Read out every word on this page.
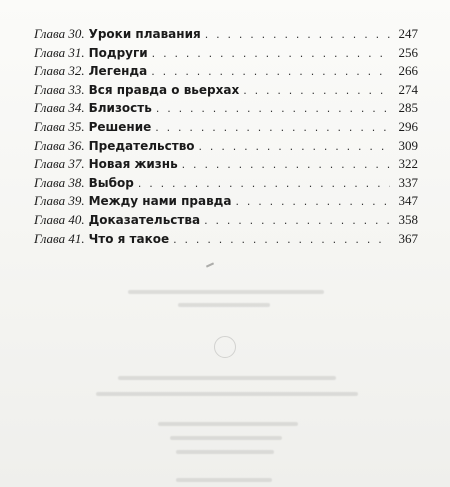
Глава 30. Уроки плавания . . .	247
Глава 31. Подруги . . .	256
Глава 32. Легенда . . .	266
Глава 33. Вся правда о вьерхах . . .	274
Глава 34. Близость . . .	285
Глава 35. Решение . . .	296
Глава 36. Предательство . . .	309
Глава 37. Новая жизнь . . .	322
Глава 38. Выбор . . .	337
Глава 39. Между нами правда . . .	347
Глава 40. Доказательства . . .	358
Глава 41. Что я такое . . .	367
